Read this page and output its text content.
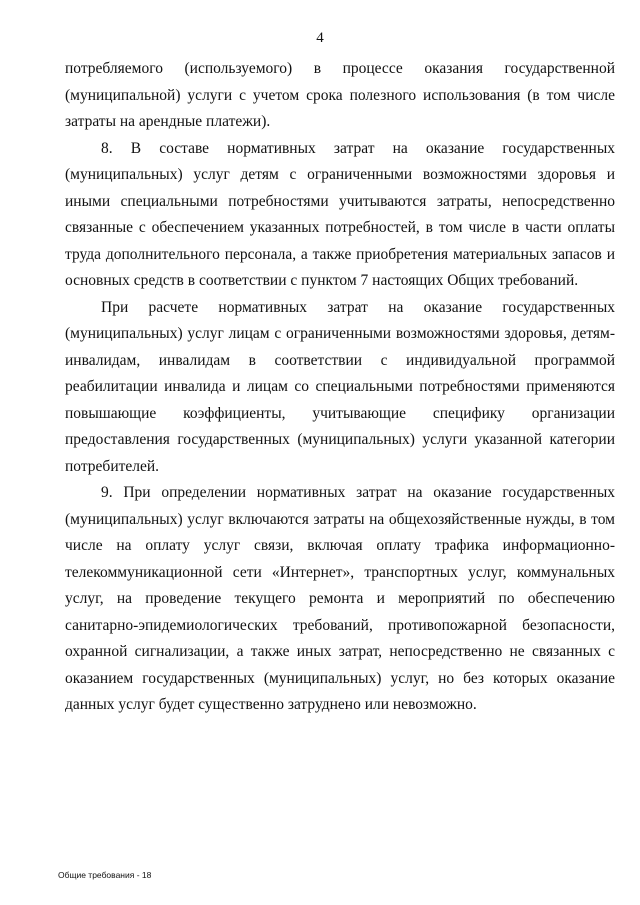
4

потребляемого (используемого) в процессе оказания государственной (муниципальной) услуги с учетом срока полезного использования (в том числе затраты на арендные платежи).

8. В составе нормативных затрат на оказание государственных (муниципальных) услуг детям с ограниченными возможностями здоровья и иными специальными потребностями учитываются затраты, непосредственно связанные с обеспечением указанных потребностей, в том числе в части оплаты труда дополнительного персонала, а также приобретения материальных запасов и основных средств в соответствии с пунктом 7 настоящих Общих требований.

При расчете нормативных затрат на оказание государственных (муниципальных) услуг лицам с ограниченными возможностями здоровья, детям-инвалидам, инвалидам в соответствии с индивидуальной программой реабилитации инвалида и лицам со специальными потребностями применяются повышающие коэффициенты, учитывающие специфику организации предоставления государственных (муниципальных) услуги указанной категории потребителей.

9. При определении нормативных затрат на оказание государственных (муниципальных) услуг включаются затраты на общехозяйственные нужды, в том числе на оплату услуг связи, включая оплату трафика информационно-телекоммуникационной сети «Интернет», транспортных услуг, коммунальных услуг, на проведение текущего ремонта и мероприятий по обеспечению санитарно-эпидемиологических требований, противопожарной безопасности, охранной сигнализации, а также иных затрат, непосредственно не связанных с оказанием государственных (муниципальных) услуг, но без которых оказание данных услуг будет существенно затруднено или невозможно.

Общие требования - 18
